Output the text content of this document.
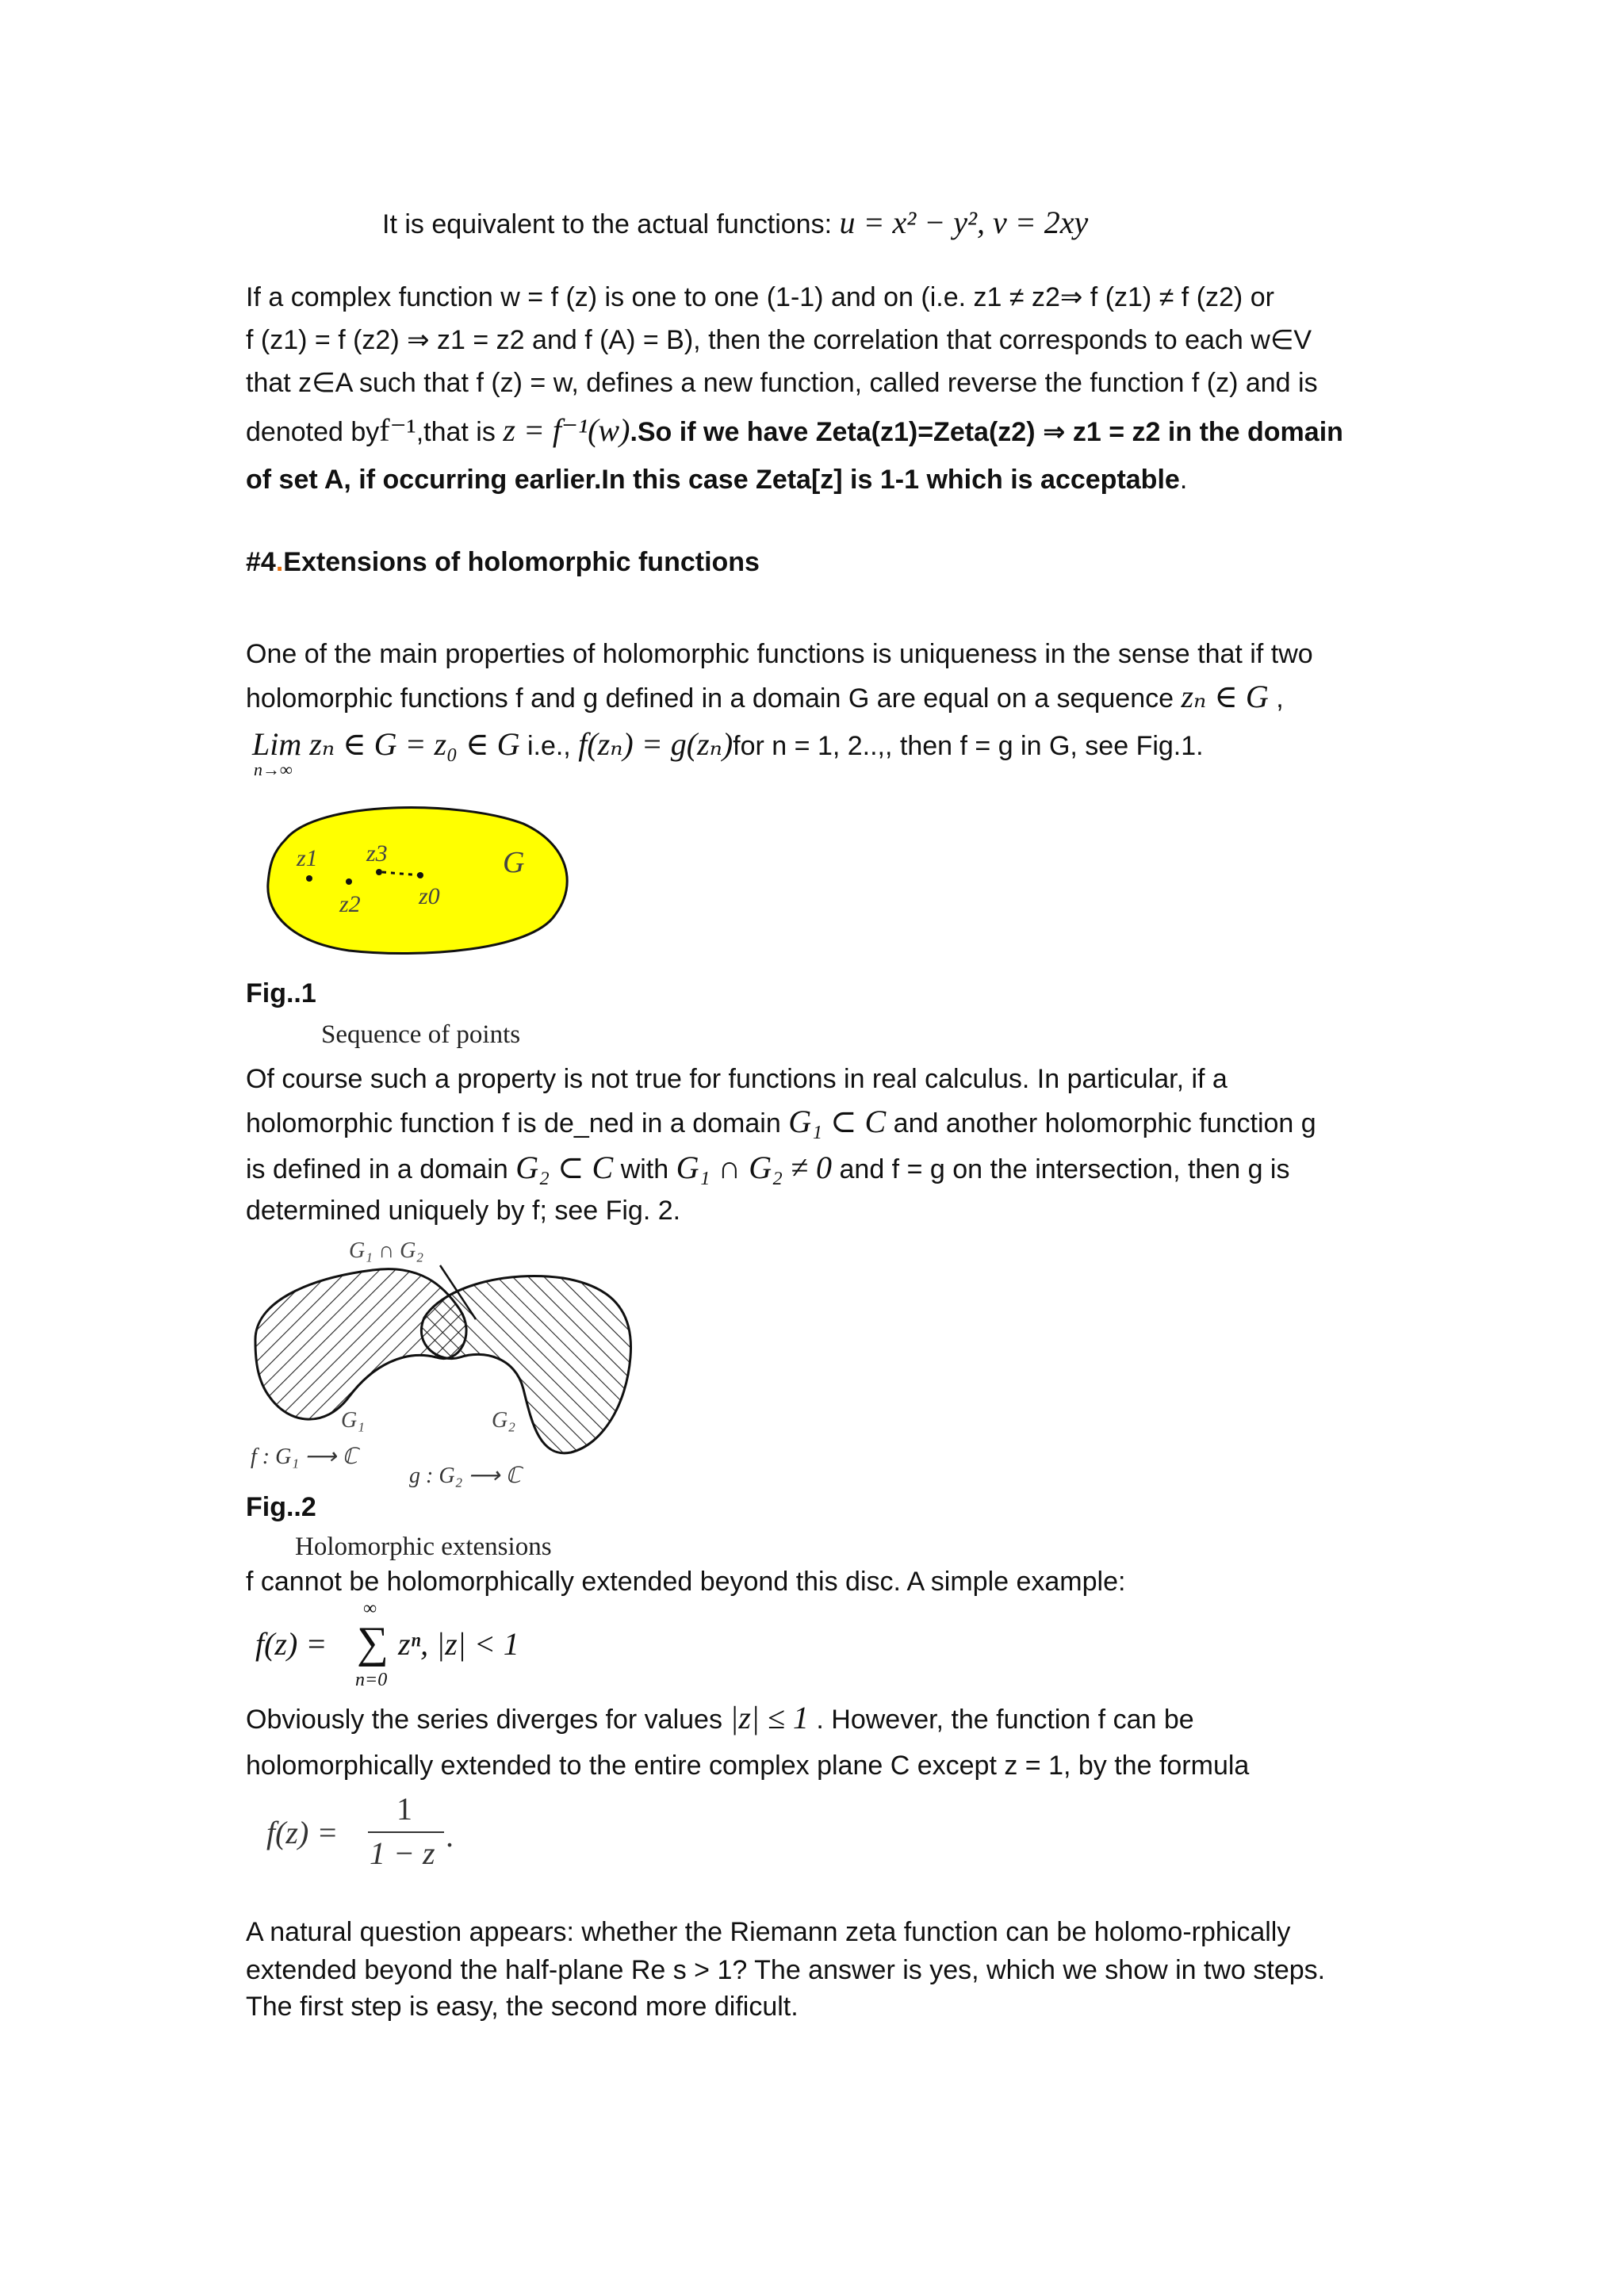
It is equivalent to the actual functions: u = x² − y², v = 2xy
If a complex function w = f (z) is one to one (1-1) and on (i.e. z1 ≠ z2⇒ f (z1) ≠ f (z2) or
f (z1) = f (z2) ⇒ z1 = z2 and f (A) = B), then the correlation that corresponds to each w∈V
that z∈A such that f (z) = w, defines a new function, called reverse the function f (z) and is
denoted byf⁻¹,that is z = f⁻¹(w).So if we have Zeta(z1)=Zeta(z2) ⇒ z1 = z2 in the domain
of set A, if occurring earlier.In this case Zeta[z] is 1-1 which is acceptable.
#4.Extensions of holomorphic functions
One of the main properties of holomorphic functions is uniqueness in the sense that if two
holomorphic functions f and g defined in a domain G are equal on a sequence zₙ ∈ G ,
Lim zₙ ∈ G = z₀ ∈ G i.e., f(zₙ) = g(zₙ)for n = 1, 2..,, then f = g in G, see Fig.1.
n→∞
z1
z2
z3
z0
G
Fig..1
Sequence of points
Of course such a property is not true for functions in real calculus. In particular, if a
holomorphic function f is de_ned in a domain G₁ ⊂ C and another holomorphic function g
is defined in a domain G₂ ⊂ C with G₁ ∩ G₂ ≠ 0 and f = g on the intersection, then g is
determined uniquely by f; see Fig. 2.
G₁ ∩ G₂
G₁	G₂
f : G₁ ⟶ ℂ
g : G₂ ⟶ ℂ
Fig..2
Holomorphic extensions
f cannot be holomorphically extended beyond this disc. A simple example:
f(z) =
∞
∑
n=0
zⁿ, |z| < 1
Obviously the series diverges for values |z| ≤ 1 . However, the function f can be
holomorphically extended to the entire complex plane C except z = 1, by the formula
f(z) =
1
1 − z .
A natural question appears: whether the Riemann zeta function can be holomo-rphically
extended beyond the half-plane Re s > 1? The answer is yes, which we show in two steps.
The first step is easy, the second more dificult.
